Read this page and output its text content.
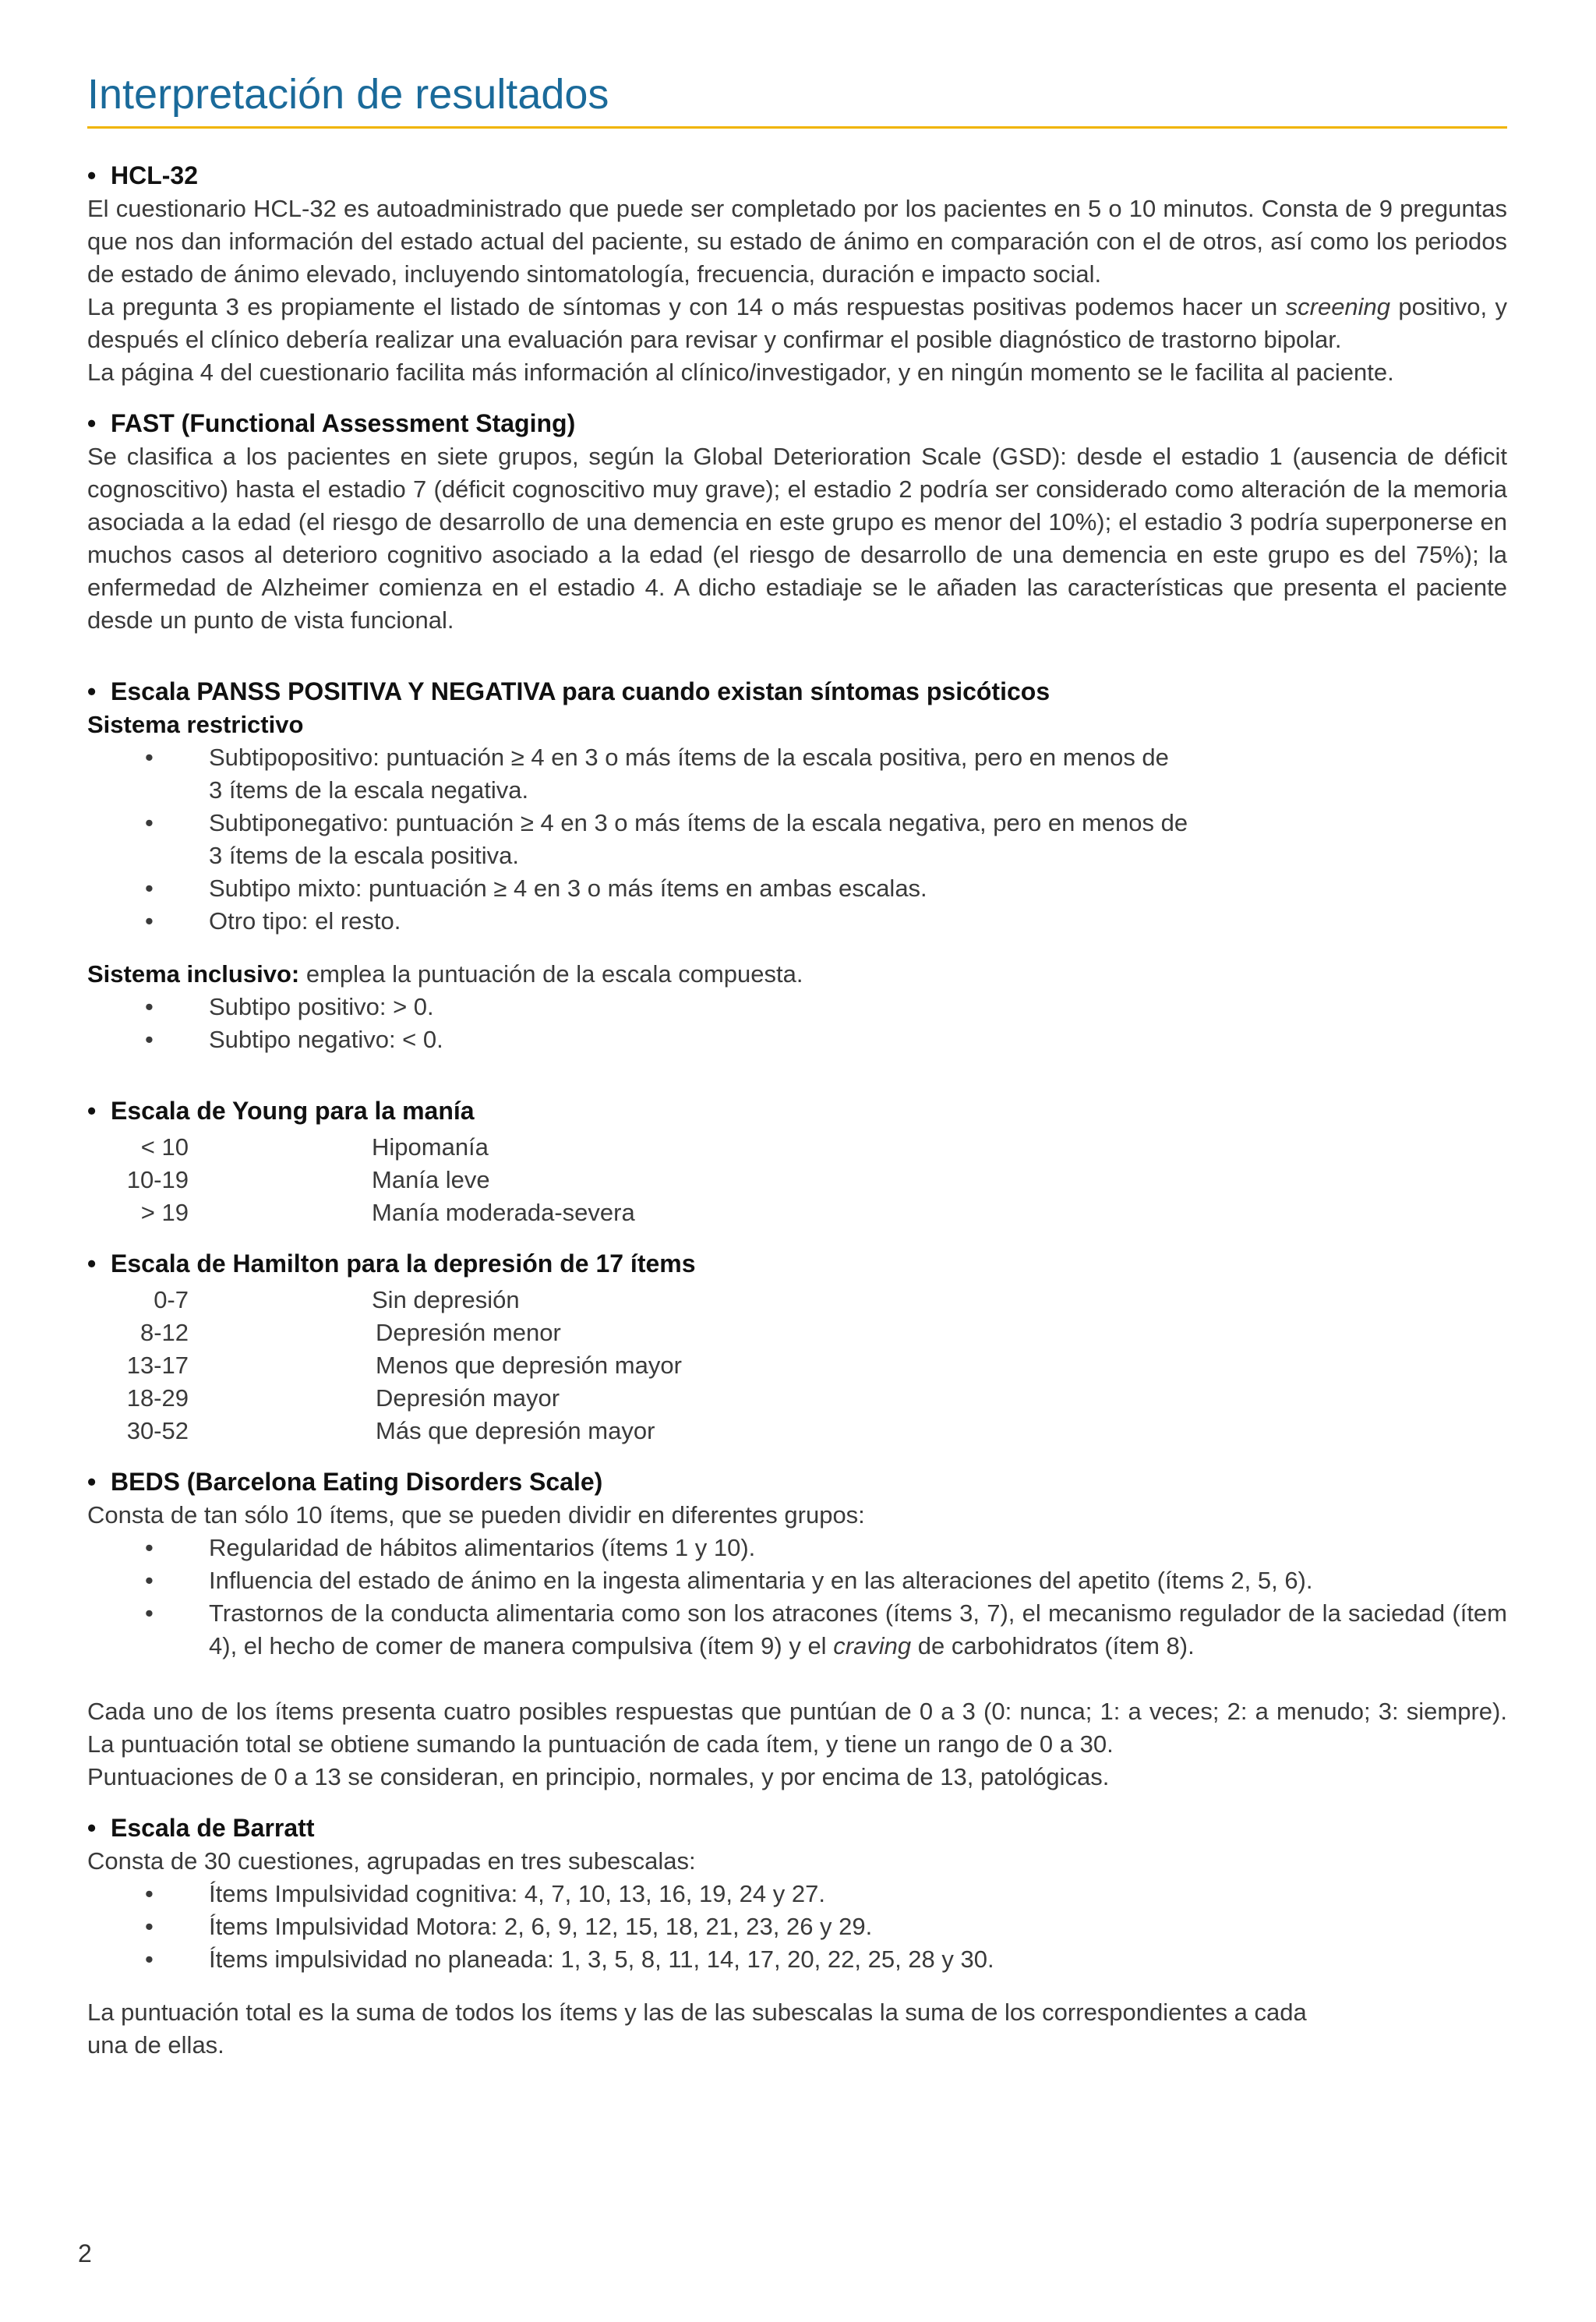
Interpretación de resultados
• HCL-32

El cuestionario HCL-32 es autoadministrado que puede ser completado por los pacientes en 5 o 10 minutos. Consta de 9 preguntas que nos dan información del estado actual del paciente, su estado de ánimo en comparación con el de otros, así como los periodos de estado de ánimo elevado, incluyendo sintomatología, frecuencia, duración e impacto social.

La pregunta 3 es propiamente el listado de síntomas y con 14 o más respuestas positivas podemos hacer un screening positivo, y después el clínico debería realizar una evaluación para revisar y confirmar el posible diagnóstico de trastorno bipolar.

La página 4 del cuestionario facilita más información al clínico/investigador, y en ningún momento se le facilita al paciente.

• FAST (Functional Assessment Staging)

Se clasifica a los pacientes en siete grupos, según la Global Deterioration Scale (GSD): desde el estadio 1 (ausencia de déficit cognoscitivo) hasta el estadio 7 (déficit cognoscitivo muy grave); el estadio 2 podría ser considerado como alteración de la memoria asociada a la edad (el riesgo de desarrollo de una demencia en este grupo es menor del 10%); el estadio 3 podría superponerse en muchos casos al deterioro cognitivo asociado a la edad (el riesgo de desarrollo de una demencia en este grupo es del 75%); la enfermedad de Alzheimer comienza en el estadio 4. A dicho estadiaje se le añaden las características que presenta el paciente desde un punto de vista funcional.

• Escala PANSS POSITIVA Y NEGATIVA para cuando existan síntomas psicóticos
Sistema restrictivo
• Subtipopositivo: puntuación ≥ 4 en 3 o más ítems de la escala positiva, pero en menos de
3 ítems de la escala negativa.
• Subtiponegativo: puntuación ≥ 4 en 3 o más ítems de la escala negativa, pero en menos de
3 ítems de la escala positiva.
• Subtipo mixto: puntuación ≥ 4 en 3 o más ítems en ambas escalas.
• Otro tipo: el resto.
Sistema inclusivo: emplea la puntuación de la escala compuesta.
• Subtipo positivo: > 0.
• Subtipo negativo: < 0.
• Escala de Young para la manía
< 10	Hipomanía
10-19	Manía leve
> 19	Manía moderada-severa
• Escala de Hamilton para la depresión de 17 ítems
0-7	Sin depresión
8-12	Depresión menor
13-17	Menos que depresión mayor
18-29	Depresión mayor
30-52	Más que depresión mayor
• BEDS (Barcelona Eating Disorders Scale)

Consta de tan sólo 10 ítems, que se pueden dividir en diferentes grupos:

• Regularidad de hábitos alimentarios (ítems 1 y 10).
• Influencia del estado de ánimo en la ingesta alimentaria y en las alteraciones del apetito (ítems 2, 5, 6).
• Trastornos de la conducta alimentaria como son los atracones (ítems 3, 7), el mecanismo regulador de la saciedad (ítem 4), el hecho de comer de manera compulsiva (ítem 9) y el craving de carbohidratos (ítem 8).

Cada uno de los ítems presenta cuatro posibles respuestas que puntúan de 0 a 3 (0: nunca; 1: a veces; 2: a menudo; 3: siempre). La puntuación total se obtiene sumando la puntuación de cada ítem, y tiene un rango de 0 a 30.

Puntuaciones de 0 a 13 se consideran, en principio, normales, y por encima de 13, patológicas.

• Escala de Barratt

Consta de 30 cuestiones, agrupadas en tres subescalas:

• Ítems Impulsividad cognitiva: 4, 7, 10, 13, 16, 19, 24 y 27.
• Ítems Impulsividad Motora: 2, 6, 9, 12, 15, 18, 21, 23, 26 y 29.
• Ítems impulsividad no planeada: 1, 3, 5, 8, 11, 14, 17, 20, 22, 25, 28 y 30.

La puntuación total es la suma de todos los ítems y las de las subescalas la suma de los correspondientes a cada

una de ellas.

2
